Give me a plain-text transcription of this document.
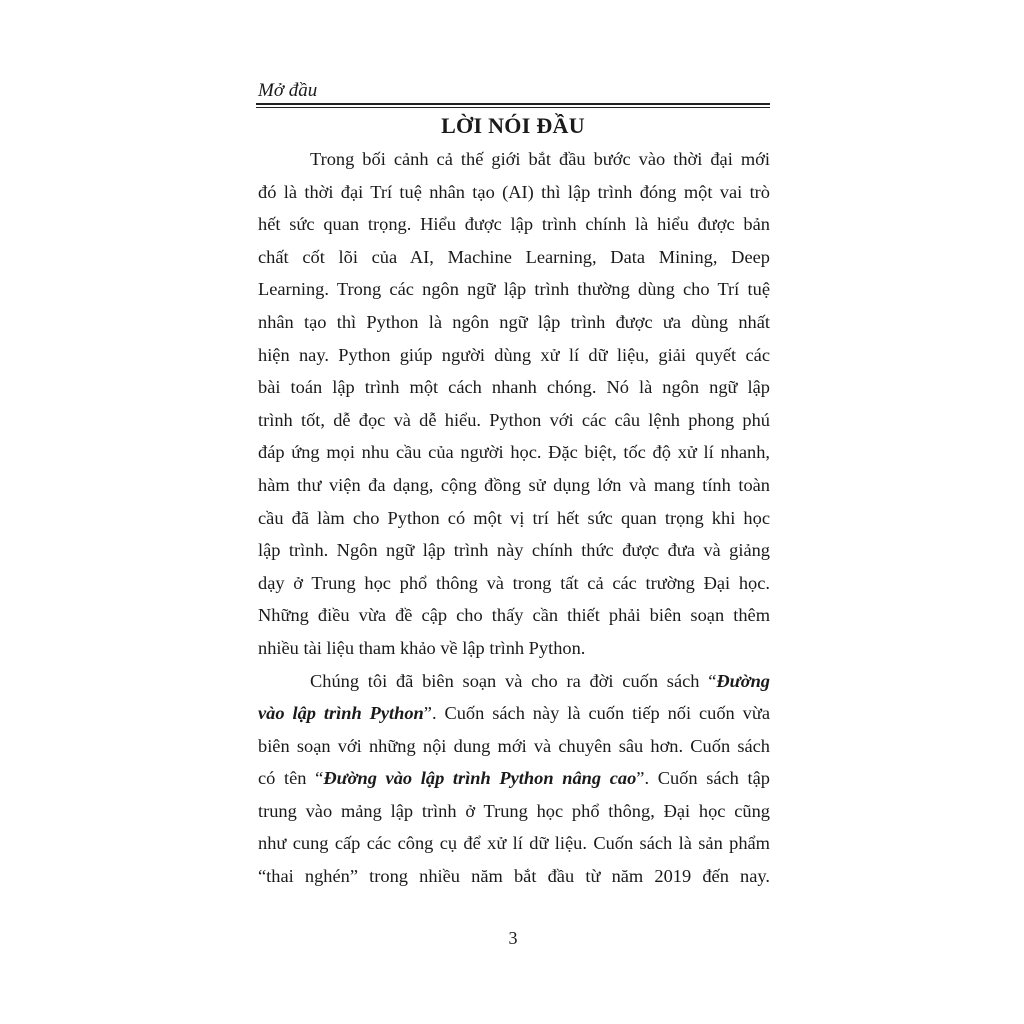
Mở đầu
LỜI NÓI ĐẦU
Trong bối cảnh cả thế giới bắt đầu bước vào thời đại mới
đó là thời đại Trí tuệ nhân tạo (AI) thì lập trình đóng một vai trò
hết sức quan trọng. Hiểu được lập trình chính là hiểu được bản
chất cốt lõi của AI, Machine Learning, Data Mining, Deep
Learning. Trong các ngôn ngữ lập trình thường dùng cho Trí tuệ
nhân tạo thì Python là ngôn ngữ lập trình được ưa dùng nhất
hiện nay. Python giúp người dùng xử lí dữ liệu, giải quyết các
bài toán lập trình một cách nhanh chóng. Nó là ngôn ngữ lập
trình tốt, dễ đọc và dễ hiểu. Python với các câu lệnh phong phú
đáp ứng mọi nhu cầu của người học. Đặc biệt, tốc độ xử lí nhanh,
hàm thư viện đa dạng, cộng đồng sử dụng lớn và mang tính toàn
cầu đã làm cho Python có một vị trí hết sức quan trọng khi học
lập trình. Ngôn ngữ lập trình này chính thức được đưa và giảng
dạy ở Trung học phổ thông và trong tất cả các trường Đại học.
Những điều vừa đề cập cho thấy cần thiết phải biên soạn thêm
nhiều tài liệu tham khảo về lập trình Python.
Chúng tôi đã biên soạn và cho ra đời cuốn sách “Đường
vào lập trình Python”. Cuốn sách này là cuốn tiếp nối cuốn vừa
biên soạn với những nội dung mới và chuyên sâu hơn. Cuốn sách
có tên “Đường vào lập trình Python nâng cao”. Cuốn sách tập
trung vào mảng lập trình ở Trung học phổ thông, Đại học cũng
như cung cấp các công cụ để xử lí dữ liệu. Cuốn sách là sản phẩm
“thai nghén” trong nhiều năm bắt đầu từ năm 2019 đến nay.
3
